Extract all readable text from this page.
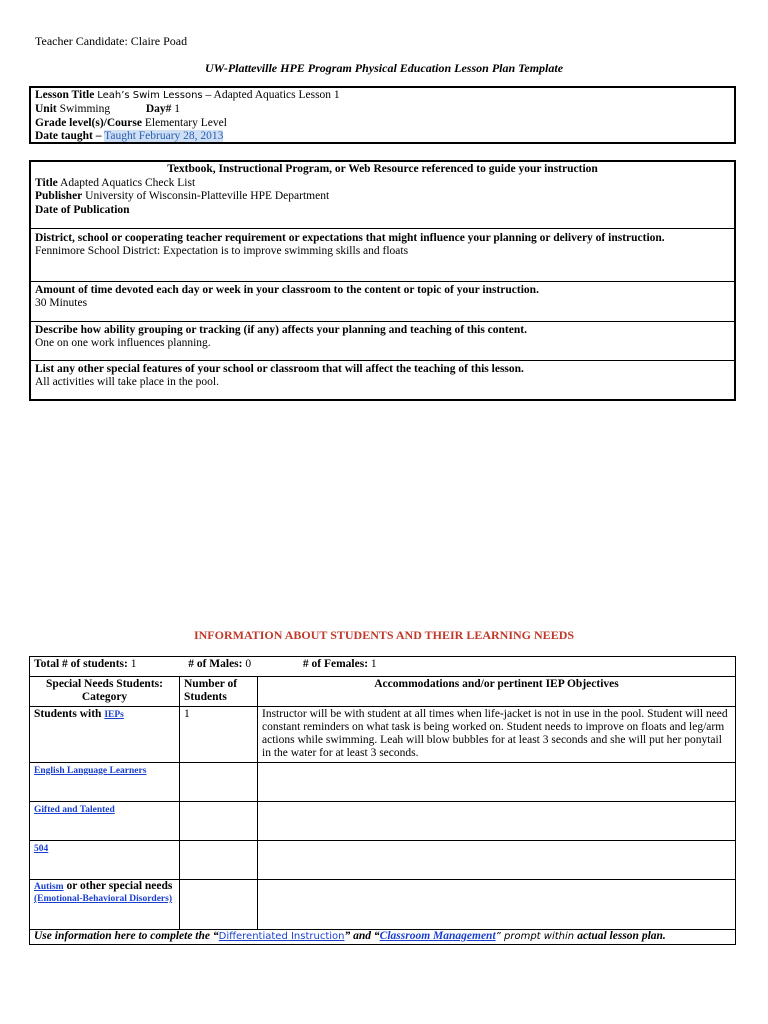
Teacher Candidate: Claire Poad
UW-Platteville HPE Program Physical Education Lesson Plan Template
Lesson Title Leah’s Swim Lessons – Adapted Aquatics Lesson 1
Unit Swimming	Day# 1
Grade level(s)/Course Elementary Level
Date taught – Taught February 28, 2013
Textbook, Instructional Program, or Web Resource referenced to guide your instruction
Title Adapted Aquatics Check List
Publisher University of Wisconsin-Platteville HPE Department
Date of Publication
District, school or cooperating teacher requirement or expectations that might influence your planning or delivery of instruction.
Fennimore School District: Expectation is to improve swimming skills and floats
Amount of time devoted each day or week in your classroom to the content or topic of your instruction.
30 Minutes
Describe how ability grouping or tracking (if any) affects your planning and teaching of this content.
One on one work influences planning.
List any other special features of your school or classroom that will affect the teaching of this lesson.
All activities will take place in the pool.
INFORMATION ABOUT STUDENTS AND THEIR LEARNING NEEDS
Total # of students: 1 # of Males: 0 # of Females: 1		
Special Needs Students: Category	Number of Students	Accommodations and/or pertinent IEP Objectives
Students with IEPs	1	Instructor will be with student at all times when life-jacket is not in use in the pool. Student will need constant reminders on what task is being worked on. Student needs to improve on floats and leg/arm actions while swimming. Leah will blow bubbles for at least 3 seconds and she will put her ponytail in the water for at least 3 seconds.
English Language Learners		
Gifted and Talented		
504		
Autism or other special needs
(Emotional-Behavioral Disorders)		
Use information here to complete the “Differentiated Instruction” and “Classroom Management” prompt within actual lesson plan.		
